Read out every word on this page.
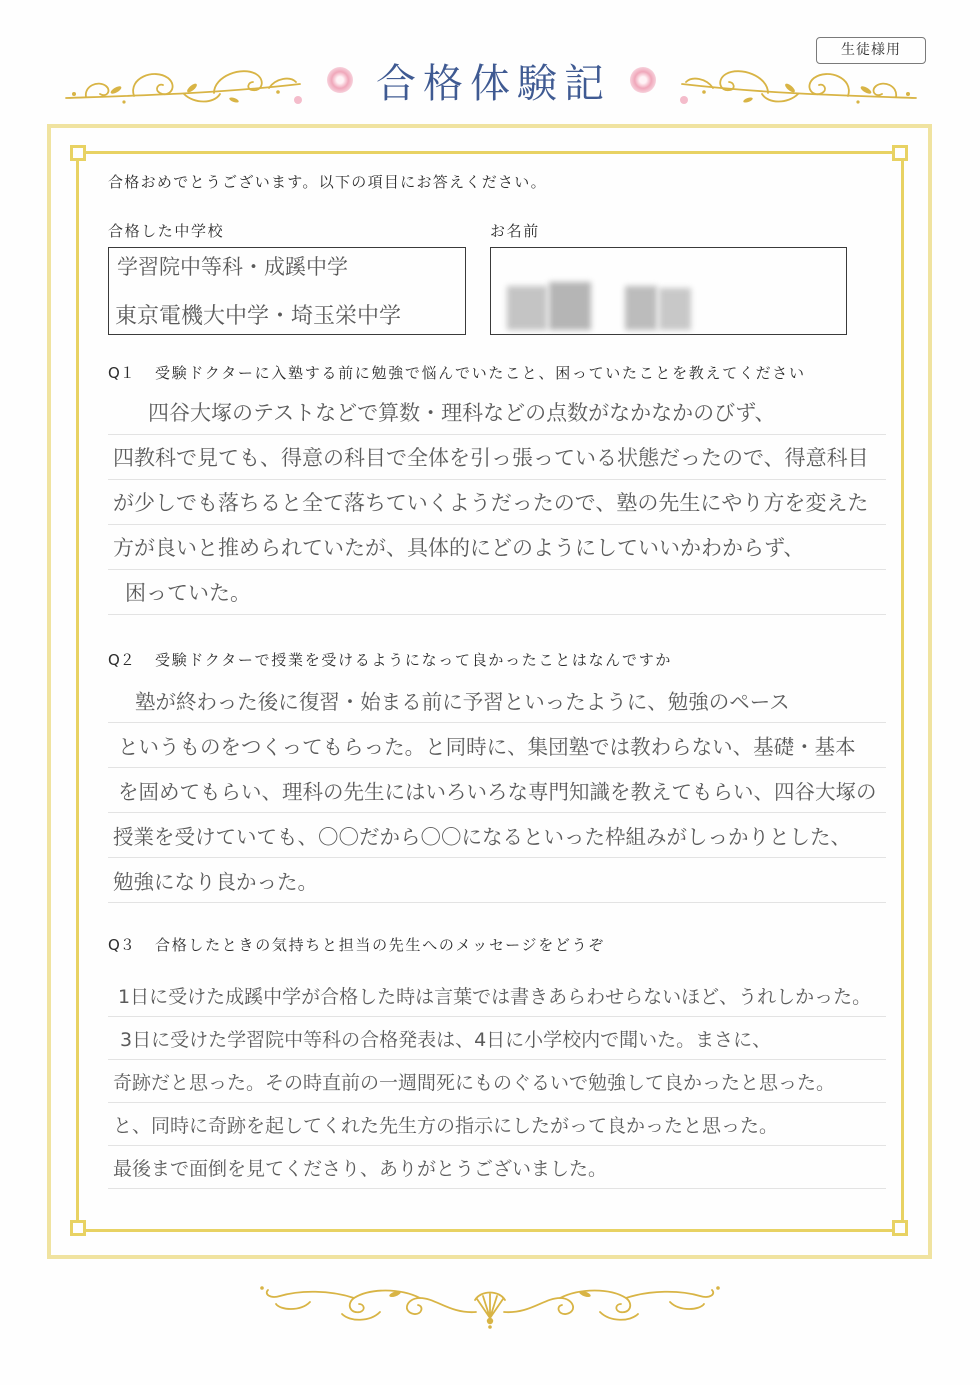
生徒様用
合格体験記
合格おめでとうございます。以下の項目にお答えください。
合格した中学校	お名前
学習院中等科・成蹊中学
東京電機大中学・埼玉栄中学
Q１ 受験ドクターに入塾する前に勉強で悩んでいたこと、困っていたことを教えてください
四谷大塚のテストなどで算数・理科などの点数がなかなかのびず、
四教科で見ても、得意の科目で全体を引っ張っている状態だったので、得意科目
が少しでも落ちると全て落ちていくようだったので、塾の先生にやり方を変えた
方が良いと推められていたが、具体的にどのようにしていいかわからず、
困っていた。
Q２ 受験ドクターで授業を受けるようになって良かったことはなんですか
塾が終わった後に復習・始まる前に予習といったように、勉強のペース
というものをつくってもらった。と同時に、集団塾では教わらない、基礎・基本
を固めてもらい、理科の先生にはいろいろな専門知識を教えてもらい、四谷大塚の
授業を受けていても、〇〇だから〇〇になるといった枠組みがしっかりとした、
勉強になり良かった。
Q３ 合格したときの気持ちと担当の先生へのメッセージをどうぞ
1日に受けた成蹊中学が合格した時は言葉では書きあらわせらないほど、うれしかった。
3日に受けた学習院中等科の合格発表は、4日に小学校内で聞いた。まさに、
奇跡だと思った。その時直前の一週間死にものぐるいで勉強して良かったと思った。
と、同時に奇跡を起してくれた先生方の指示にしたがって良かったと思った。
最後まで面倒を見てくださり、ありがとうございました。
